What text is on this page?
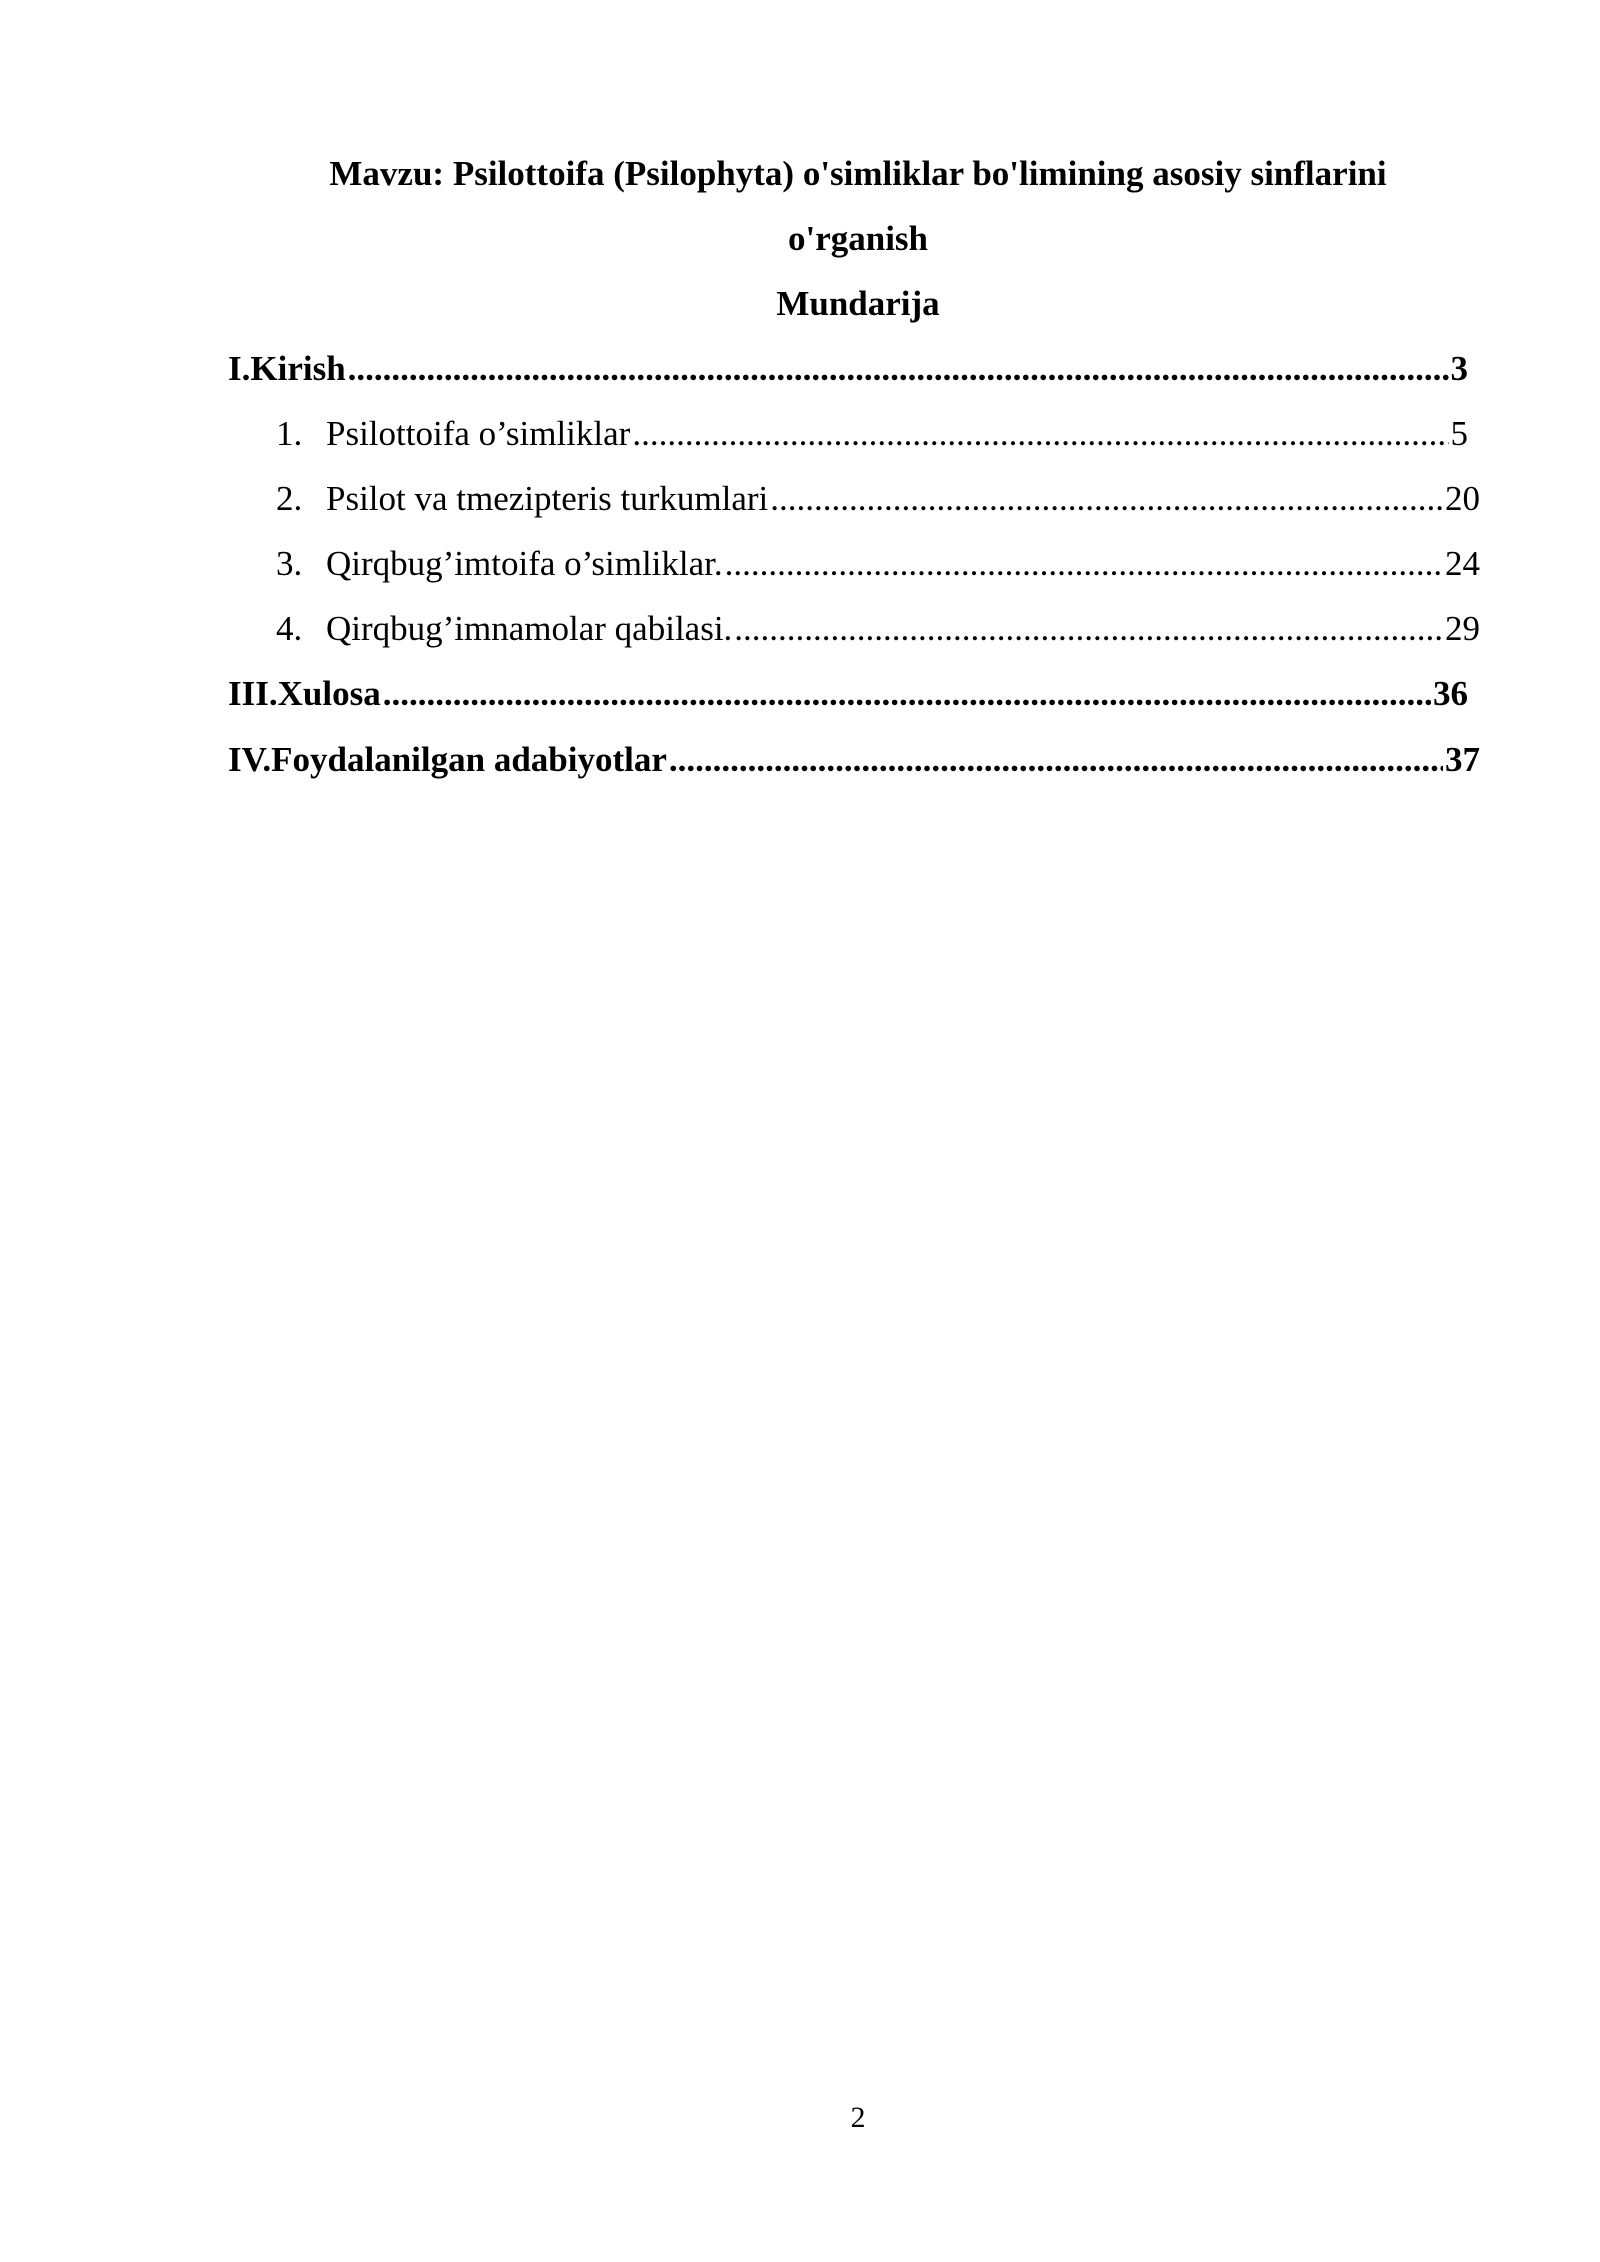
Mavzu: Psilottoifa (Psilophyta) o'simliklar bo'limining asosiy sinflarini
o'rganish
Mundarija
I.Kirish .....	3
1. Psilottoifa o’simliklar .....	5
2. Psilot va tmezipteris turkumlari .....	20
3. Qirqbug’imtoifa o’simliklar. .....	24
4. Qirqbug’imnamolar qabilasi. .....	29
III.Xulosa .....	36
IV.Foydalanilgan adabiyotlar .....	37
2
